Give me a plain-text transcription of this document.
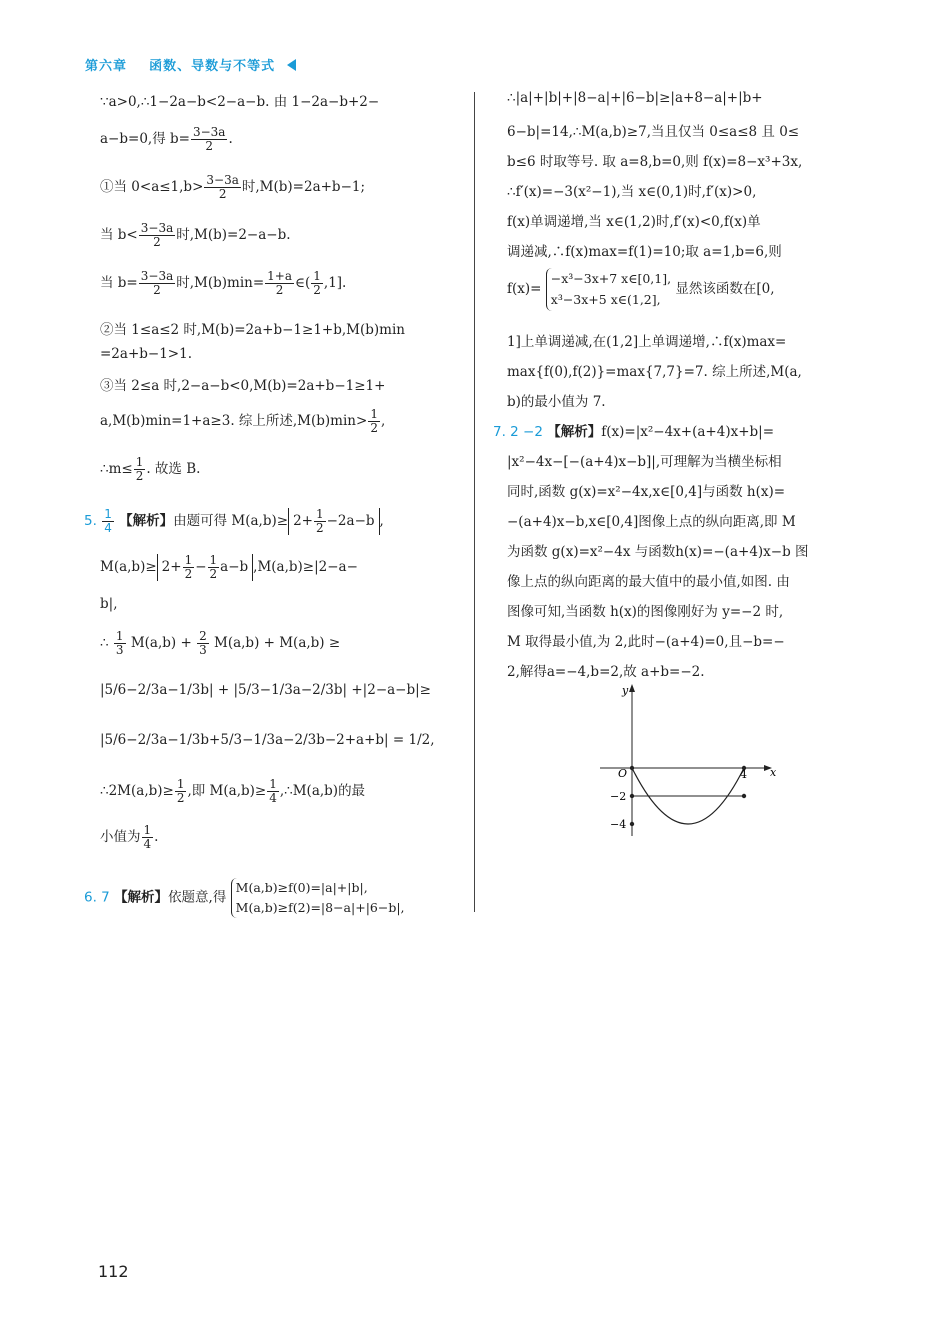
第六章 函数、导数与不等式
∵a>0,∴1−2a−b<2−a−b. 由 1−2a−b+2−
a−b=0,得 $b= \frac{3-3a}{2}$ .
①当 $0<a\le 1,b> \frac{3-3a}{2}$ 时,M(b)=2a+b−1;
当 $b< \frac{3-3a}{2}$ 时,M(b)=2−a−b.
当 $b= \frac{3-3a}{2}$ 时$,M(b)\min= \frac{1+a}{2}$ ∈( $\frac{1}{2} ,1$].
②当 1≤a≤2 时,M(b)=2a+b−1≥1+b,M(b)min
=2a+b−1>1.
③当 2≤a 时,2−a−b<0,M(b)=2a+b−1≥1+
a,M(b)min=1+a≥3. 综上所述$,M(b)\min> \frac{1}{2}$ ,
∴m≤ $\frac{1}{2}$ . 故选 B.
5. $\frac{1}{4}$ 【解析】由题可得 $M(a,b)\ge 2+ \frac{1}{2} -2a-b$ ,
$M(a,b)\ge 2+ \frac{1}{2} - \frac{1}{2} a-b$ ,M(a,b)≥|2−a−
b|,
∴ $\frac{1}{3} M(a,b) + \frac{2}{3} M(a,b) + M(a,b)$ ≥
|5/6−2/3a−1/3b| + |5/3−1/3a−2/3b| +|2−a−b|≥
|5/6−2/3a−1/3b+5/3−1/3a−2/3b−2+a+b| = 1/2,
∴2M(a,b)≥ $\frac{1}{2}$ ,即 $M(a,b)\ge \frac{1}{4}$ ,∴M(a,b)的最
小值为 $\frac{1}{4}$ .
6. 7 【解析】依题意,得
M(a,b)≥f(0)=|a|+|b|,
M(a,b)≥f(2)=|8−a|+|6−b|,
∴|a|+|b|+|8−a|+|6−b|≥|a+8−a|+|b+
6−b|=14,∴M(a,b)≥7,当且仅当 0≤a≤8 且 0≤
b≤6 时取等号. 取 a=8,b=0,则 f(x)=8−x³+3x,
∴f′(x)=−3(x²−1),当 x∈(0,1)时,f′(x)>0,
f(x)单调递增,当 x∈(1,2)时,f′(x)<0,f(x)单
调递减,∴f(x)max=f(1)=10;取 a=1,b=6,则
f(x)=
−x³−3x+7 x∈[0,1],
x³−3x+5 x∈(1,2],
显然该函数在[0,
1]上单调递减,在(1,2]上单调递增,∴f(x)max=
max{f(0),f(2)}=max{7,7}=7. 综上所述,M(a,
b)的最小值为 7.
7. 2 −2 【解析】f(x)=|x²−4x+(a+4)x+b|=
|x²−4x−[−(a+4)x−b]|,可理解为当横坐标相
同时,函数 g(x)=x²−4x,x∈[0,4]与函数 h(x)=
−(a+4)x−b,x∈[0,4]图像上点的纵向距离,即 M
为函数 g(x)=x²−4x 与函数h(x)=−(a+4)x−b 图
像上点的纵向距离的最大值中的最小值,如图. 由
图像可知,当函数 h(x)的图像刚好为 y=−2 时,
M 取得最小值,为 2,此时−(a+4)=0,且−b=−
2,解得a=−4,b=2,故 a+b=−2.
y
x
O	4
−2
−4
112
